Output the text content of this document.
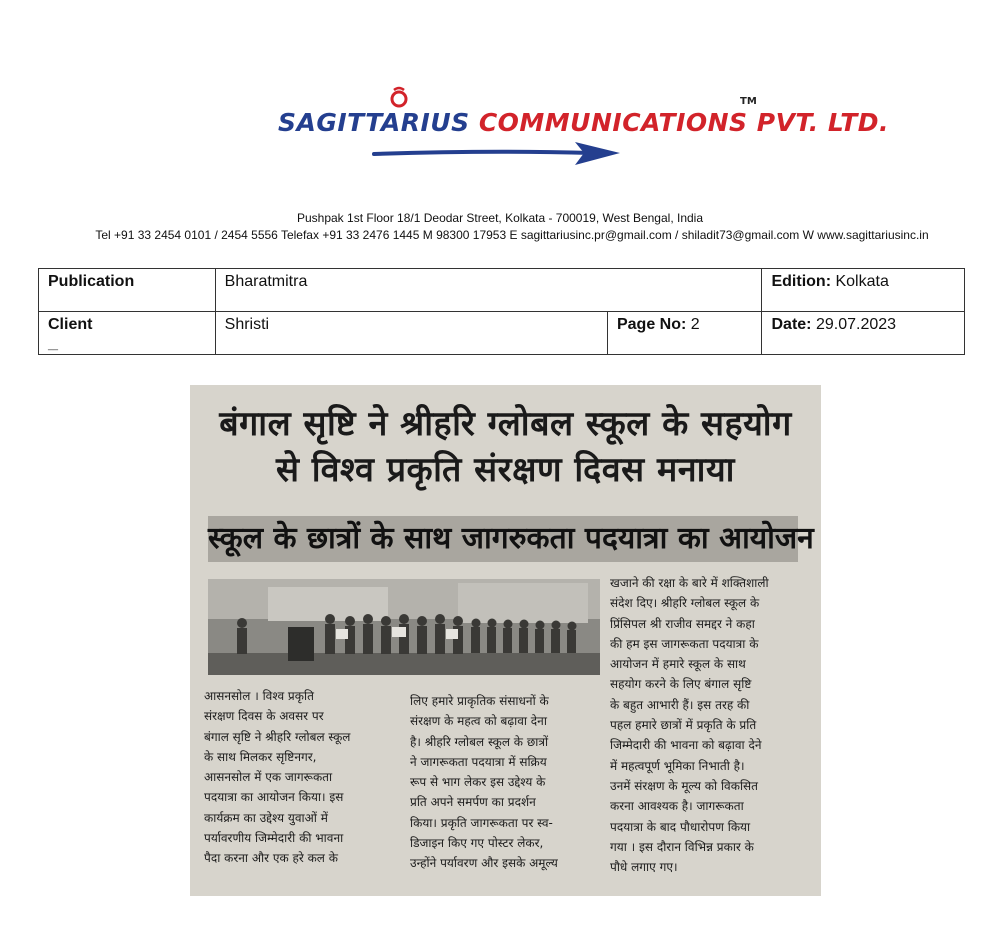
SAGITTARIUS COMMUNICATIONS PVT. LTD.
TM
Pushpak 1st Floor 18/1 Deodar Street, Kolkata - 700019, West Bengal, India
Tel +91 33 2454 0101 / 2454 5556 Telefax +91 33 2476 1445 M 98300 17953 E sagittariusinc.pr@gmail.com / shiladit73@gmail.com W www.sagittariusinc.in
Publication	Bharatmitra		Edition: Kolkata
Client	Shristi	Page No: 2	Date: 29.07.2023
__
बंगाल सृष्टि ने श्रीहरि ग्लोबल स्कूल के सहयोग
से विश्व प्रकृति संरक्षण दिवस मनाया
स्कूल के छात्रों के साथ जागरुकता पदयात्रा का आयोजन

आसनसोल । विश्व प्रकृति

संरक्षण दिवस के अवसर पर

बंगाल सृष्टि ने श्रीहरि ग्लोबल स्कूल

के साथ मिलकर सृष्टिनगर,

आसनसोल में एक जागरूकता

पदयात्रा का आयोजन किया। इस

कार्यक्रम का उद्देश्य युवाओं में

पर्यावरणीय जिम्मेदारी की भावना

पैदा करना और एक हरे कल के

लिए हमारे प्राकृतिक संसाधनों के

संरक्षण के महत्व को बढ़ावा देना

है। श्रीहरि ग्लोबल स्कूल के छात्रों

ने जागरूकता पदयात्रा में सक्रिय

रूप से भाग लेकर इस उद्देश्य के

प्रति अपने समर्पण का प्रदर्शन

किया। प्रकृति जागरूकता पर स्व-

डिजाइन किए गए पोस्टर लेकर,

उन्होंने पर्यावरण और इसके अमूल्य

खजाने की रक्षा के बारे में शक्तिशाली

संदेश दिए। श्रीहरि ग्लोबल स्कूल के

प्रिंसिपल श्री राजीव समद्दर ने कहा

की हम इस जागरूकता पदयात्रा के

आयोजन में हमारे स्कूल के साथ

सहयोग करने के लिए बंगाल सृष्टि

के बहुत आभारी हैं। इस तरह की

पहल हमारे छात्रों में प्रकृति के प्रति

जिम्मेदारी की भावना को बढ़ावा देने

में महत्वपूर्ण भूमिका निभाती है।

उनमें संरक्षण के मूल्य को विकसित

करना आवश्यक है। जागरूकता

पदयात्रा के बाद पौधारोपण किया

गया । इस दौरान विभिन्न प्रकार के

पौधे लगाए गए।
